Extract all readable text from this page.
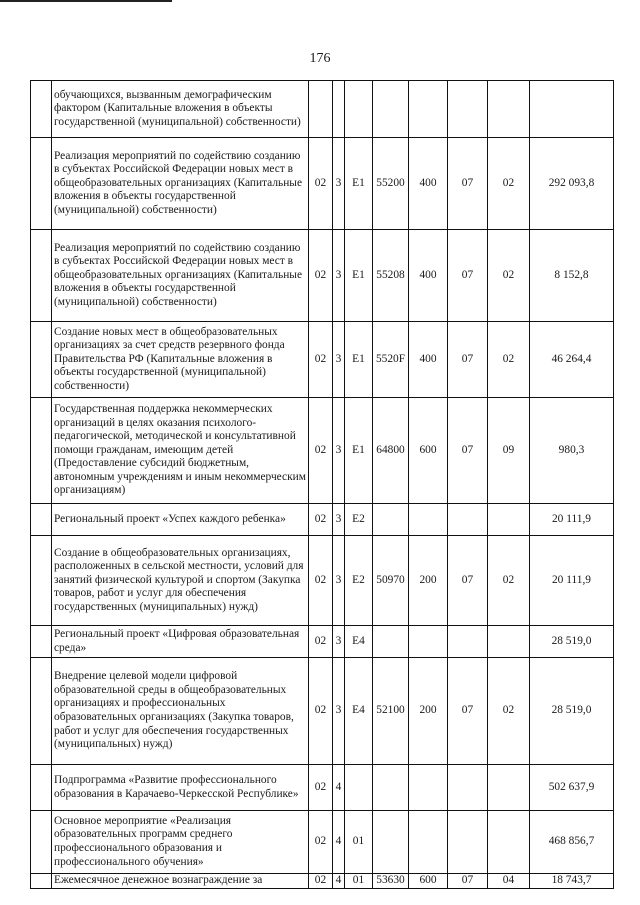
176
	обучающихся, вызванным демографическим фактором (Капитальные вложения в объекты государственной (муниципальной) собственности)								
	Реализация мероприятий по содействию созданию в субъектах Российской Федерации новых мест в общеобразовательных организациях (Капитальные вложения в объекты государственной (муниципальной) собственности)	02	3	Е1	55200	400	07	02	292 093,8
	Реализация мероприятий по содействию созданию в субъектах Российской Федерации новых мест в общеобразовательных организациях (Капитальные вложения в объекты государственной (муниципальной) собственности)	02	3	Е1	55208	400	07	02	8 152,8
	Создание новых мест в общеобразовательных организациях за счет средств резервного фонда Правительства РФ (Капитальные вложения в объекты государственной (муниципальной) собственности)	02	3	Е1	5520F	400	07	02	46 264,4
	Государственная поддержка некоммерческих организаций в целях оказания психолого-педагогической, методической и консультативной помощи гражданам, имеющим детей (Предоставление субсидий бюджетным, автономным учреждениям и иным некоммерческим организациям)	02	3	Е1	64800	600	07	09	980,3
	Региональный проект «Успех каждого ребенка»	02	3	Е2					20 111,9
	Создание в общеобразовательных организациях, расположенных в сельской местности, условий для занятий физической культурой и спортом (Закупка товаров, работ и услуг для обеспечения государственных (муниципальных) нужд)	02	3	Е2	50970	200	07	02	20 111,9
	Региональный проект «Цифровая образовательная среда»	02	3	Е4					28 519,0
	Внедрение целевой модели цифровой образовательной среды в общеобразовательных организациях и профессиональных образовательных организациях (Закупка товаров, работ и услуг для обеспечения государственных (муниципальных) нужд)	02	3	Е4	52100	200	07	02	28 519,0
	Подпрограмма «Развитие профессионального образования в Карачаево-Черкесской Республике»	02	4						502 637,9
	Основное мероприятие «Реализация образовательных программ среднего профессионального образования и профессионального обучения»	02	4	01					468 856,7
	Ежемесячное денежное вознаграждение за	02	4	01	53630	600	07	04	18 743,7
